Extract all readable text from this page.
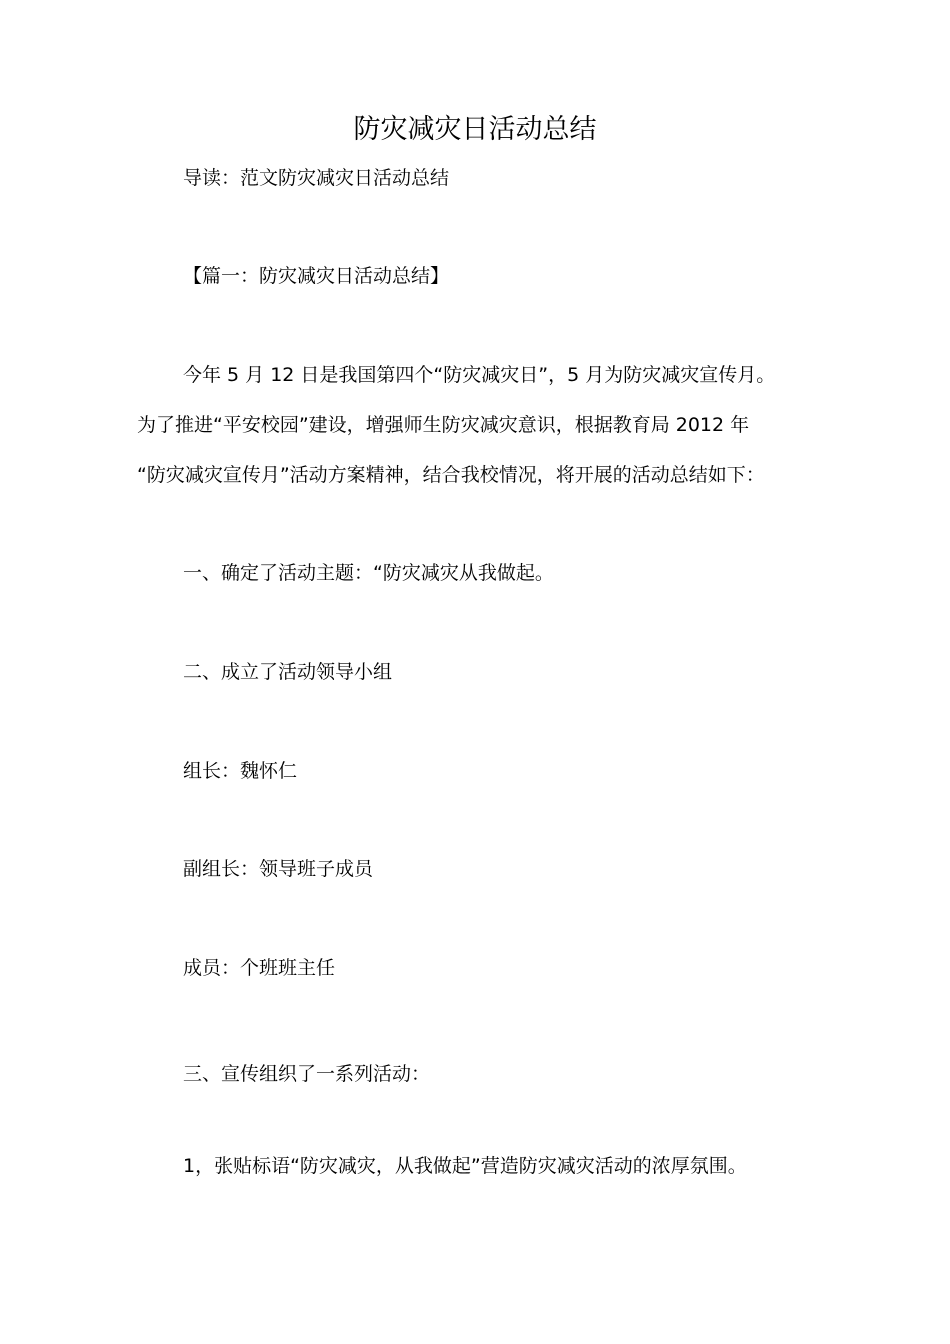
防灾减灾日活动总结

导读：范文防灾减灾日活动总结

【篇一：防灾减灾日活动总结】

今年 5 月 12 日是我国第四个“防灾减灾日”，5 月为防灾减灾宣传月。

为了推进“平安校园”建设，增强师生防灾减灾意识，根据教育局 2012 年

“防灾减灾宣传月”活动方案精神，结合我校情况，将开展的活动总结如下：

一、确定了活动主题：“防灾减灾从我做起。

二、成立了活动领导小组

组长：魏怀仁

副组长：领导班子成员

成员：个班班主任

三、宣传组织了一系列活动：

1，张贴标语“防灾减灾，从我做起”营造防灾减灾活动的浓厚氛围。
